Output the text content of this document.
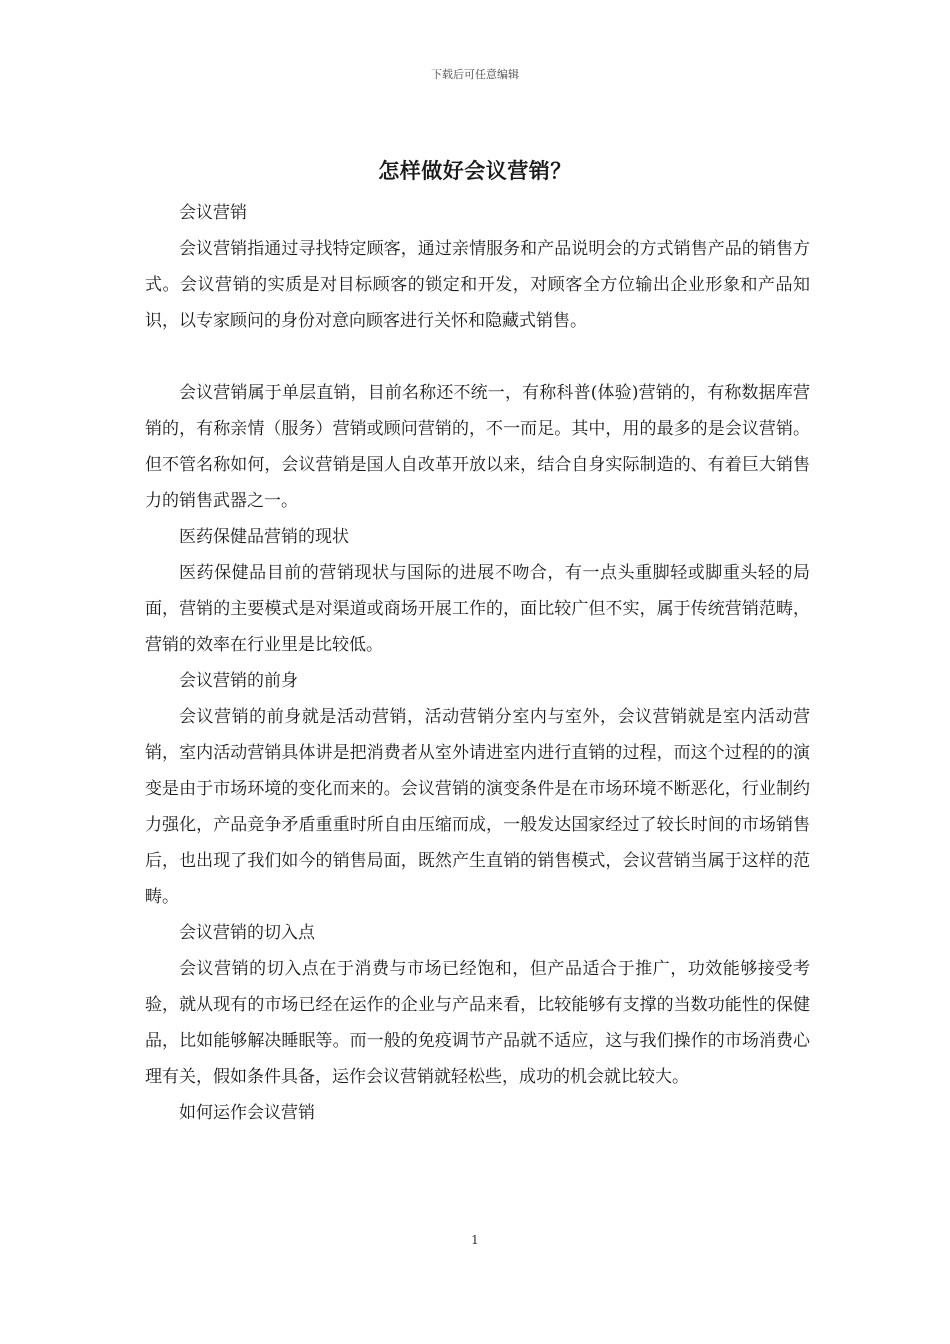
下载后可任意编辑
怎样做好会议营销？

会议营销

会议营销指通过寻找特定顾客，通过亲情服务和产品说明会的方式销售产品的销售方式。会议营销的实质是对目标顾客的锁定和开发，对顾客全方位输出企业形象和产品知识，以专家顾问的身份对意向顾客进行关怀和隐藏式销售。

会议营销属于单层直销，目前名称还不统一，有称科普(体验)营销的，有称数据库营销的，有称亲情（服务）营销或顾问营销的，不一而足。其中，用的最多的是会议营销。但不管名称如何，会议营销是国人自改革开放以来，结合自身实际制造的、有着巨大销售力的销售武器之一。

医药保健品营销的现状

医药保健品目前的营销现状与国际的进展不吻合，有一点头重脚轻或脚重头轻的局面，营销的主要模式是对渠道或商场开展工作的，面比较广但不实，属于传统营销范畴，营销的效率在行业里是比较低。

会议营销的前身

会议营销的前身就是活动营销，活动营销分室内与室外，会议营销就是室内活动营销，室内活动营销具体讲是把消费者从室外请进室内进行直销的过程，而这个过程的的演变是由于市场环境的变化而来的。会议营销的演变条件是在市场环境不断恶化，行业制约力强化，产品竞争矛盾重重时所自由压缩而成，一般发达国家经过了较长时间的市场销售后，也出现了我们如今的销售局面，既然产生直销的销售模式，会议营销当属于这样的范畴。

会议营销的切入点

会议营销的切入点在于消费与市场已经饱和，但产品适合于推广，功效能够接受考验，就从现有的市场已经在运作的企业与产品来看，比较能够有支撑的当数功能性的保健品，比如能够解决睡眠等。而一般的免疫调节产品就不适应，这与我们操作的市场消费心理有关，假如条件具备，运作会议营销就轻松些，成功的机会就比较大。

如何运作会议营销

1
